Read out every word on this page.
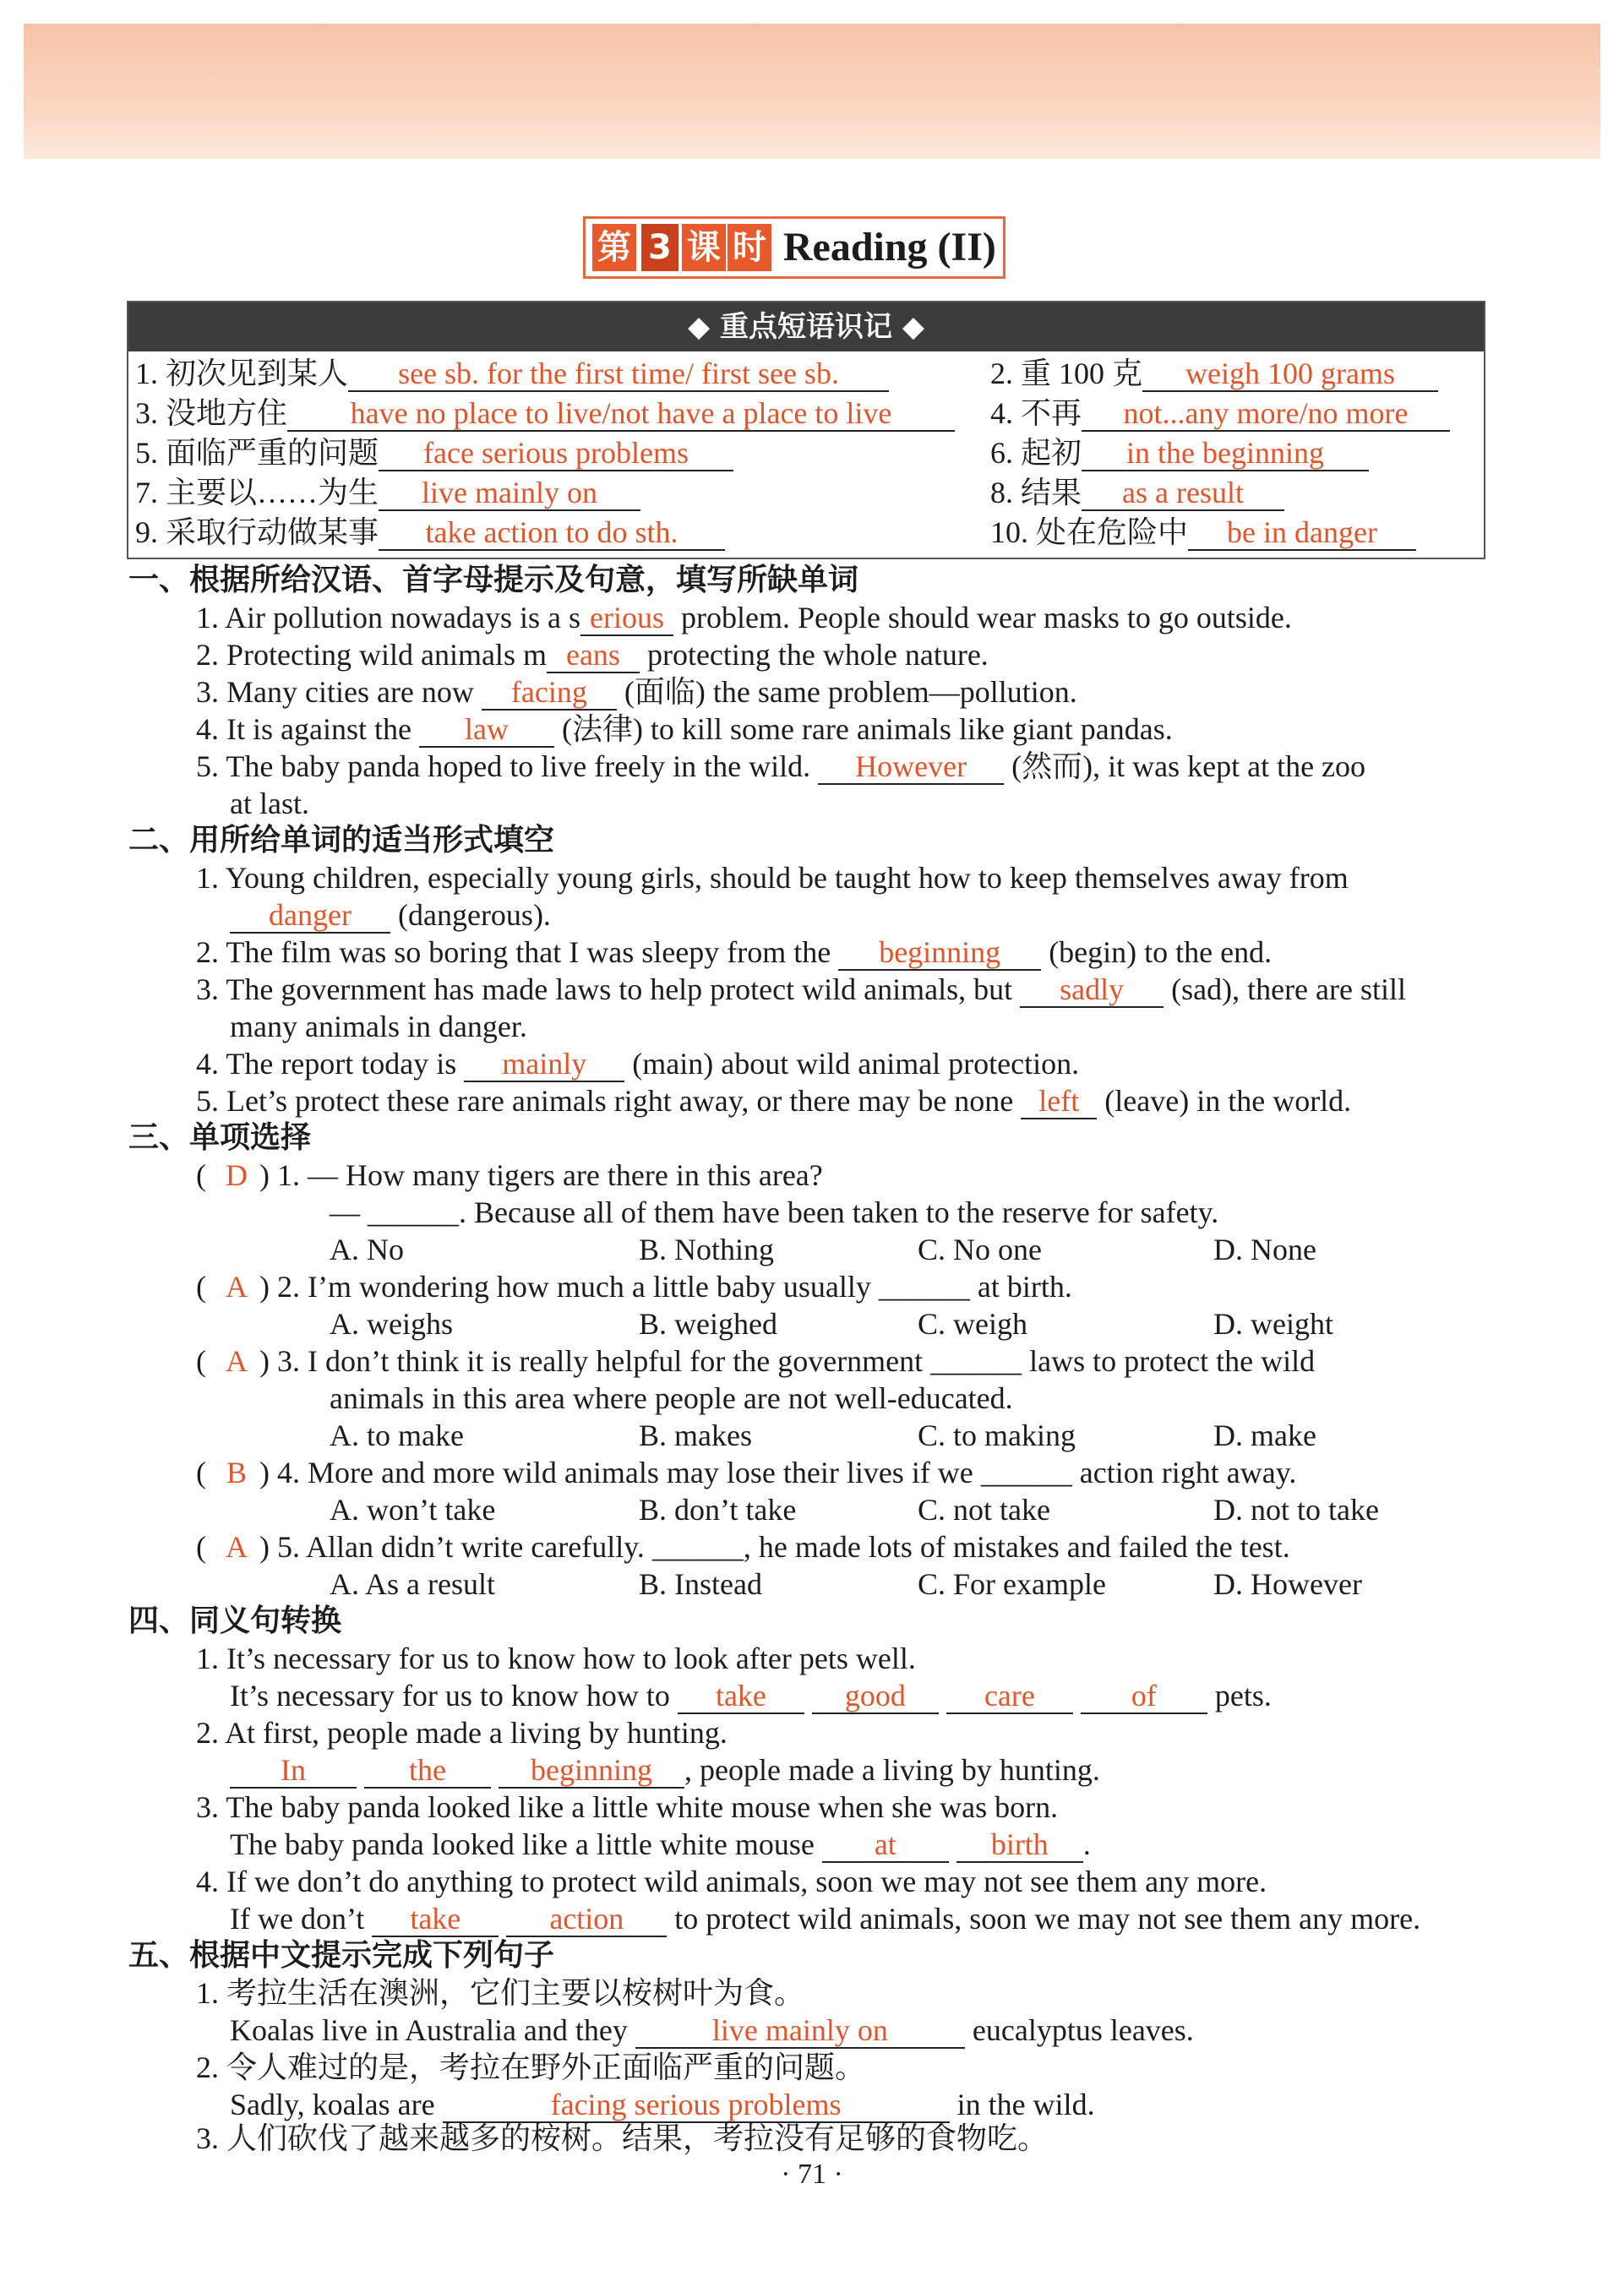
第 3 课 时 Reading (II)
◆ 重点短语识记 ◆
1. 初次见到某人 see sb. for the first time/ first see sb.	2. 重 100 克 weigh 100 grams
3. 没地方住 have no place to live/not have a place to live	4. 不再 not...any more/no more
5. 面临严重的问题 face serious problems	6. 起初 in the beginning
7. 主要以……为生 live mainly on	8. 结果 as a result
9. 采取行动做某事 take action to do sth.	10. 处在危险中 be in danger
一、根据所给汉语、首字母提示及句意，填写所缺单词
1. Air pollution nowadays is a s erious problem. People should wear masks to go outside.
2. Protecting wild animals m eans protecting the whole nature.
3. Many cities are now facing (面临) the same problem—pollution.
4. It is against the law (法律) to kill some rare animals like giant pandas.
5. The baby panda hoped to live freely in the wild. However (然而), it was kept at the zoo
at last.
二、用所给单词的适当形式填空
1. Young children, especially young girls, should be taught how to keep themselves away from
danger (dangerous).
2. The film was so boring that I was sleepy from the beginning (begin) to the end.
3. The government has made laws to help protect wild animals, but sadly (sad), there are still
many animals in danger.
4. The report today is mainly (main) about wild animal protection.
5. Let’s protect these rare animals right away, or there may be none left (leave) in the world.
三、单项选择
( D ) 1. — How many tigers are there in this area?
— ______. Because all of them have been taken to the reserve for safety.
A. No	B. Nothing	C. No one	D. None
( A ) 2. I’m wondering how much a little baby usually ______ at birth.
A. weighs	B. weighed	C. weigh	D. weight
( A ) 3. I don’t think it is really helpful for the government ______ laws to protect the wild
animals in this area where people are not well-educated.
A. to make	B. makes	C. to making	D. make
( B ) 4. More and more wild animals may lose their lives if we ______ action right away.
A. won’t take	B. don’t take	C. not take	D. not to take
( A ) 5. Allan didn’t write carefully. ______, he made lots of mistakes and failed the test.
A. As a result	B. Instead	C. For example	D. However
四、同义句转换
1. It’s necessary for us to know how to look after pets well.
It’s necessary for us to know how to take	good	care	of pets.
2. At first, people made a living by hunting.
In	the	beginning , people made a living by hunting.
3. The baby panda looked like a little white mouse when she was born.
The baby panda looked like a little white mouse at	birth .
4. If we don’t do anything to protect wild animals, soon we may not see them any more.
If we don’t take	action to protect wild animals, soon we may not see them any more.
五、根据中文提示完成下列句子
1. 考拉生活在澳洲，它们主要以桉树叶为食。
Koalas live in Australia and they	live mainly on	eucalyptus leaves.
2. 令人难过的是，考拉在野外正面临严重的问题。
Sadly, koalas are	facing serious problems	in the wild.
3. 人们砍伐了越来越多的桉树。结果，考拉没有足够的食物吃。
· 71 ·
